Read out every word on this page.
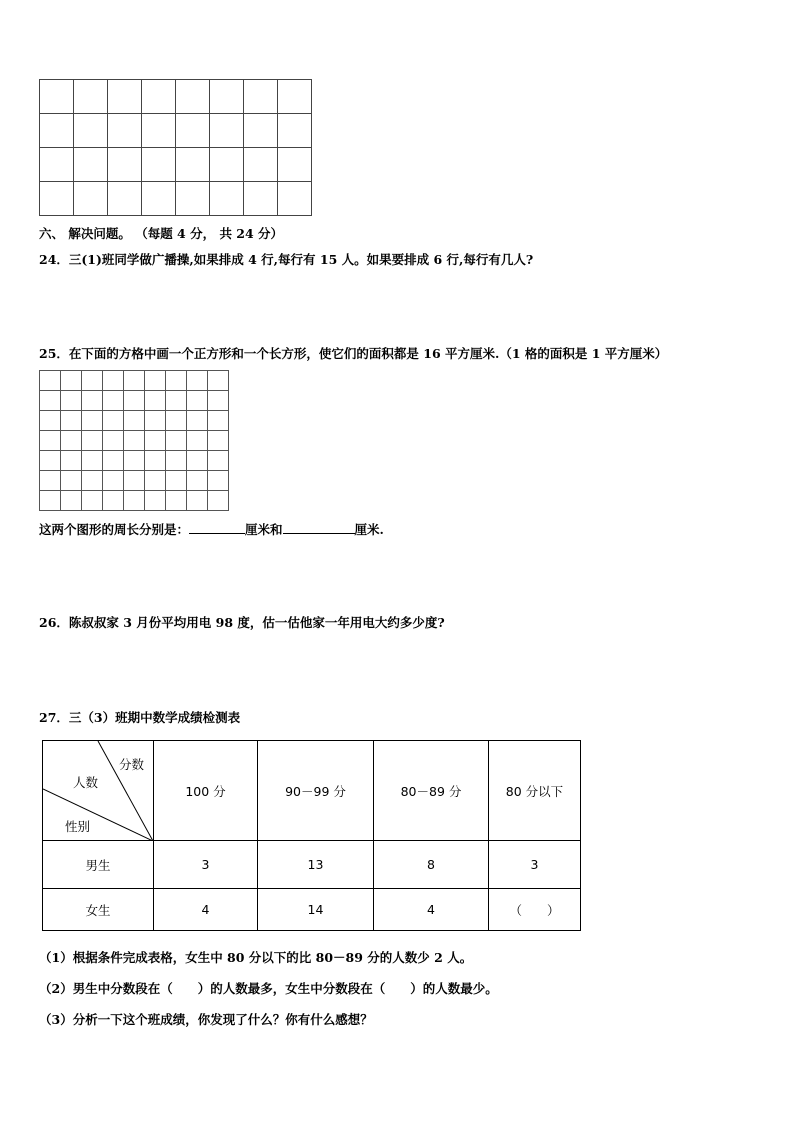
六、 解决问题。 （每题 4 分， 共 24 分）
24．三(1)班同学做广播操,如果排成 4 行,每行有 15 人。如果要排成 6 行,每行有几人?
25．在下面的方格中画一个正方形和一个长方形，使它们的面积都是 16 平方厘米.（1 格的面积是 1 平方厘米）

这两个图形的周长分别是：	厘米和	厘米.
26．陈叔叔家 3 月份平均用电 98 度，估一估他家一年用电大约多少度?
27．三（3）班期中数学成绩检测表
分数
人数
性别	100 分	90－99 分	80－89 分	80 分以下
男生	3	13	8	3
女生	4	14	4	（　　）
（1）根据条件完成表格，女生中 80 分以下的比 80－89 分的人数少 2 人。
（2）男生中分数段在（　　）的人数最多，女生中分数段在（　　）的人数最少。
（3）分析一下这个班成绩，你发现了什么？你有什么感想？
